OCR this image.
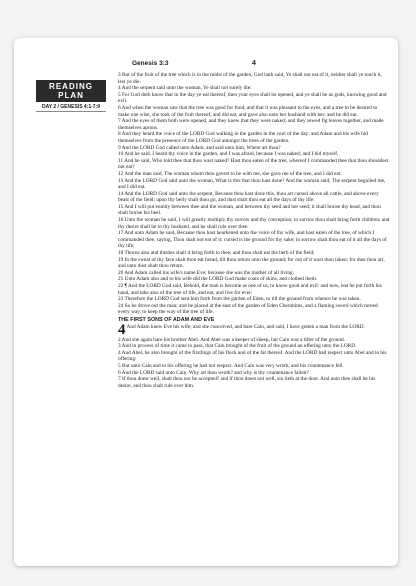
Genesis 3:3	4
READING PLAN
DAY 2 / GENESIS 4:1-7:9

3 But of the fruit of the tree which is in the midst of the garden, God hath said, Ye shall not eat of it, neither shall ye touch it, lest ye die.

4 And the serpent said unto the woman, Ye shall not surely die:

5 For God doth know that in the day ye eat thereof, then your eyes shall be opened, and ye shall be as gods, knowing good and evil.

6 And when the woman saw that the tree was good for food, and that it was pleasant to the eyes, and a tree to be desired to make one wise, she took of the fruit thereof, and did eat, and gave also unto her husband with her; and he did eat.

7 And the eyes of them both were opened, and they knew that they were naked; and they sewed fig leaves together, and made themselves aprons.

8 And they heard the voice of the LORD God walking in the garden in the cool of the day: and Adam and his wife hid themselves from the presence of the LORD God amongst the trees of the garden.

9 And the LORD God called unto Adam, and said unto him, Where art thou?

10 And he said, I heard thy voice in the garden, and I was afraid, because I was naked; and I hid myself.

11 And he said, Who told thee that thou wast naked? Hast thou eaten of the tree, whereof I commanded thee that thou shouldest not eat?

12 And the man said, The woman whom thou gavest to be with me, she gave me of the tree, and I did eat.

13 And the LORD God said unto the woman, What is this that thou hast done? And the woman said, The serpent beguiled me, and I did eat.

14 And the LORD God said unto the serpent, Because thou hast done this, thou art cursed above all cattle, and above every beast of the field; upon thy belly shalt thou go, and dust shalt thou eat all the days of thy life:

15 And I will put enmity between thee and the woman, and between thy seed and her seed; it shall bruise thy head, and thou shalt bruise his heel.

16 Unto the woman he said, I will greatly multiply thy sorrow and thy conception; in sorrow thou shalt bring forth children; and thy desire shall be to thy husband, and he shall rule over thee.

17 And unto Adam he said, Because thou hast hearkened unto the voice of thy wife, and hast eaten of the tree, of which I commanded thee, saying, Thou shalt not eat of it: cursed is the ground for thy sake; in sorrow shalt thou eat of it all the days of thy life;

18 Thorns also and thistles shall it bring forth to thee; and thou shalt eat the herb of the field;

19 In the sweat of thy face shalt thou eat bread, till thou return unto the ground; for out of it wast thou taken: for dust thou art, and unto dust shalt thou return.

20 And Adam called his wife's name Eve; because she was the mother of all living.

21 Unto Adam also and to his wife did the LORD God make coats of skins, and clothed them.

22 ¶ And the LORD God said, Behold, the man is become as one of us, to know good and evil: and now, lest he put forth his hand, and take also of the tree of life, and eat, and live for ever:

23 Therefore the LORD God sent him forth from the garden of Eden, to till the ground from whence he was taken.

24 So he drove out the man; and he placed at the east of the garden of Eden Cherubims, and a flaming sword which turned every way, to keep the way of the tree of life.

THE FIRST SONS OF ADAM AND EVE

4 And Adam knew Eve his wife; and she conceived, and bare Cain, and said, I have gotten a man from the LORD.

2 And she again bare his brother Abel. And Abel was a keeper of sheep, but Cain was a tiller of the ground.

3 And in process of time it came to pass, that Cain brought of the fruit of the ground an offering unto the LORD.

4 And Abel, he also brought of the firstlings of his flock and of the fat thereof. And the LORD had respect unto Abel and to his offering:

5 But unto Cain and to his offering he had not respect. And Cain was very wroth, and his countenance fell.

6 And the LORD said unto Cain, Why art thou wroth? and why is thy countenance fallen?

7 If thou doest well, shalt thou not be accepted? and if thou doest not well, sin lieth at the door. And unto thee shall be his desire, and thou shalt rule over him.
